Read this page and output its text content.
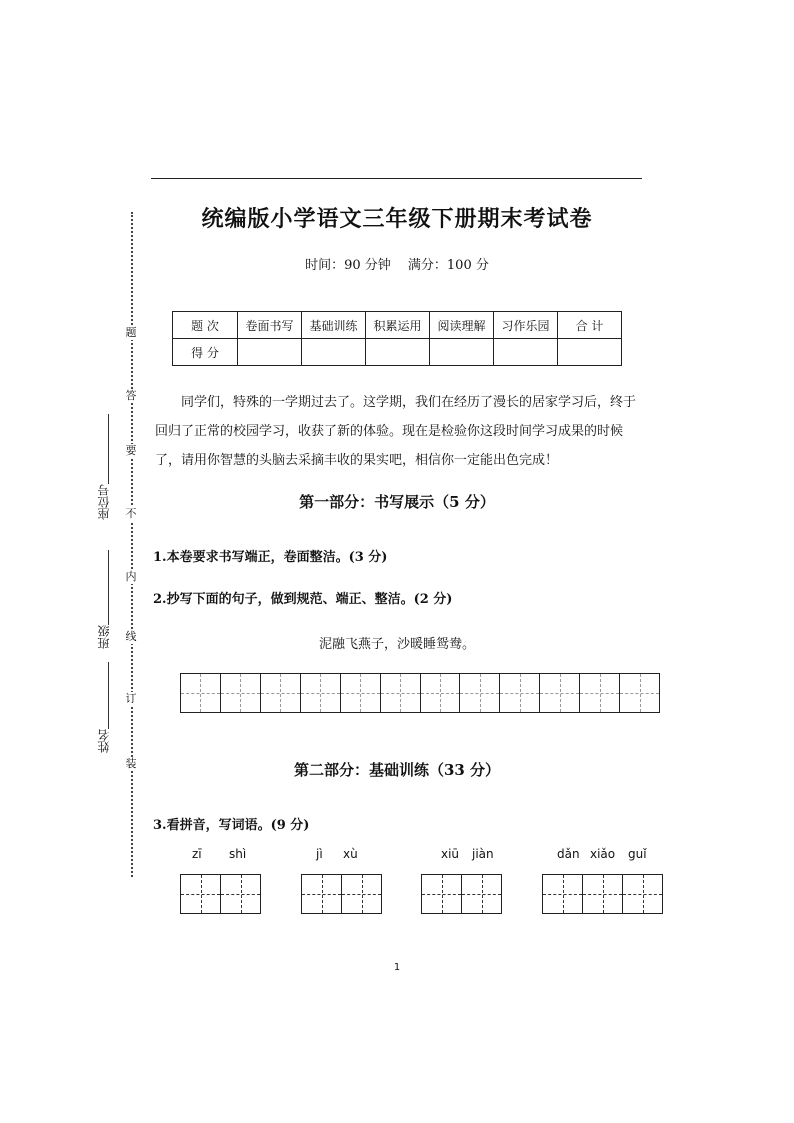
题
答
要
不
内
线
订
装
座位号
班级
姓名
统编版小学语文三年级下册期末考试卷
时间：90 分钟　 满分：100 分
题 次	卷面书写	基础训练	积累运用	阅读理解	习作乐园	合 计
得 分						
同学们，特殊的一学期过去了。这学期，我们在经历了漫长的居家学习后，终于回归了正常的校园学习，收获了新的体验。现在是检验你这段时间学习成果的时候了，请用你智慧的头脑去采摘丰收的果实吧，相信你一定能出色完成！
第一部分：书写展示（5 分）
1.本卷要求书写端正，卷面整洁。(3 分)
2.抄写下面的句子，做到规范、端正、整洁。(2 分)
泥融飞燕子，沙暖睡鸳鸯。
第二部分：基础训练（33 分）
3.看拼音，写词语。(9 分)
zī shì	jì xù	xiū jiàn	dǎn xiǎo guǐ
1
